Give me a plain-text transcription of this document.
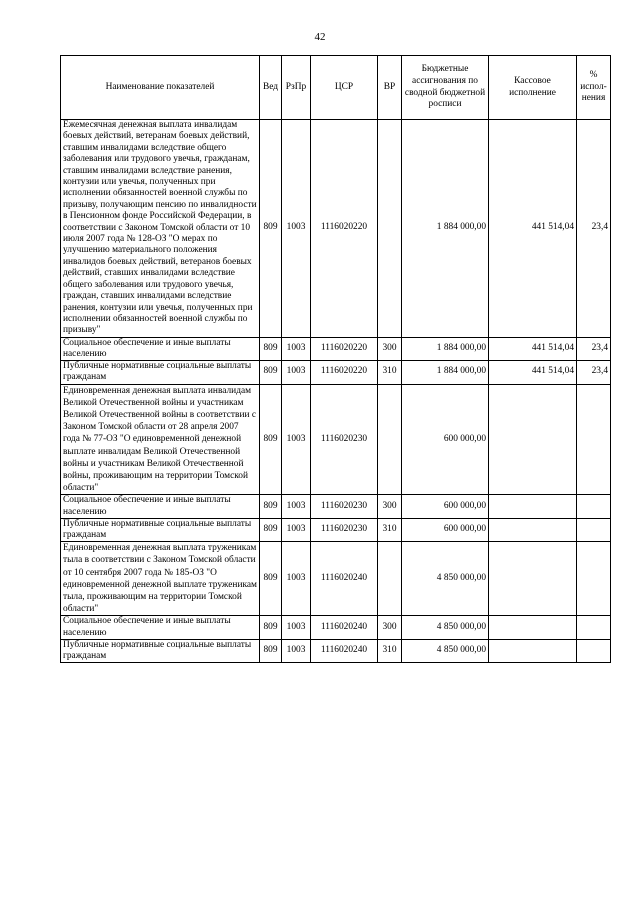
42
Наименование показателей	Вед	РзПр	ЦСР	ВР	Бюджетные ассигнования по сводной бюджетной росписи	Кассовое исполнение	% испол-нения
Ежемесячная денежная выплата инвалидам боевых действий, ветеранам боевых действий, ставшим инвалидами вследствие общего заболевания или трудового увечья, гражданам, ставшим инвалидами вследствие ранения, контузии или увечья, полученных при исполнении обязанностей военной службы по призыву, получающим пенсию по инвалидности в Пенсионном фонде Российской Федерации, в соответствии с Законом Томской области от 10 июля 2007 года № 128-ОЗ "О мерах по улучшению материального положения инвалидов боевых действий, ветеранов боевых действий, ставших инвалидами вследствие общего заболевания или трудового увечья, граждан, ставших инвалидами вследствие ранения, контузии или увечья, полученных при исполнении обязанностей военной службы по призыву"	809	1003	1116020220		1 884 000,00	441 514,04	23,4
Социальное обеспечение и иные выплаты населению	809	1003	1116020220	300	1 884 000,00	441 514,04	23,4
Публичные нормативные социальные выплаты гражданам	809	1003	1116020220	310	1 884 000,00	441 514,04	23,4
Единовременная денежная выплата инвалидам Великой Отечественной войны и участникам Великой Отечественной войны в соответствии с Законом Томской области от 28 апреля 2007 года № 77-ОЗ "О единовременной денежной выплате инвалидам Великой Отечественной войны и участникам Великой Отечественной войны, проживающим на территории Томской области"	809	1003	1116020230		600 000,00		
Социальное обеспечение и иные выплаты населению	809	1003	1116020230	300	600 000,00		
Публичные нормативные социальные выплаты гражданам	809	1003	1116020230	310	600 000,00		
Единовременная денежная выплата труженикам тыла в соответствии с Законом Томской области от 10 сентября 2007 года № 185-ОЗ "О единовременной денежной выплате труженикам тыла, проживающим на территории Томской области"	809	1003	1116020240		4 850 000,00		
Социальное обеспечение и иные выплаты населению	809	1003	1116020240	300	4 850 000,00		
Публичные нормативные социальные выплаты гражданам	809	1003	1116020240	310	4 850 000,00		
